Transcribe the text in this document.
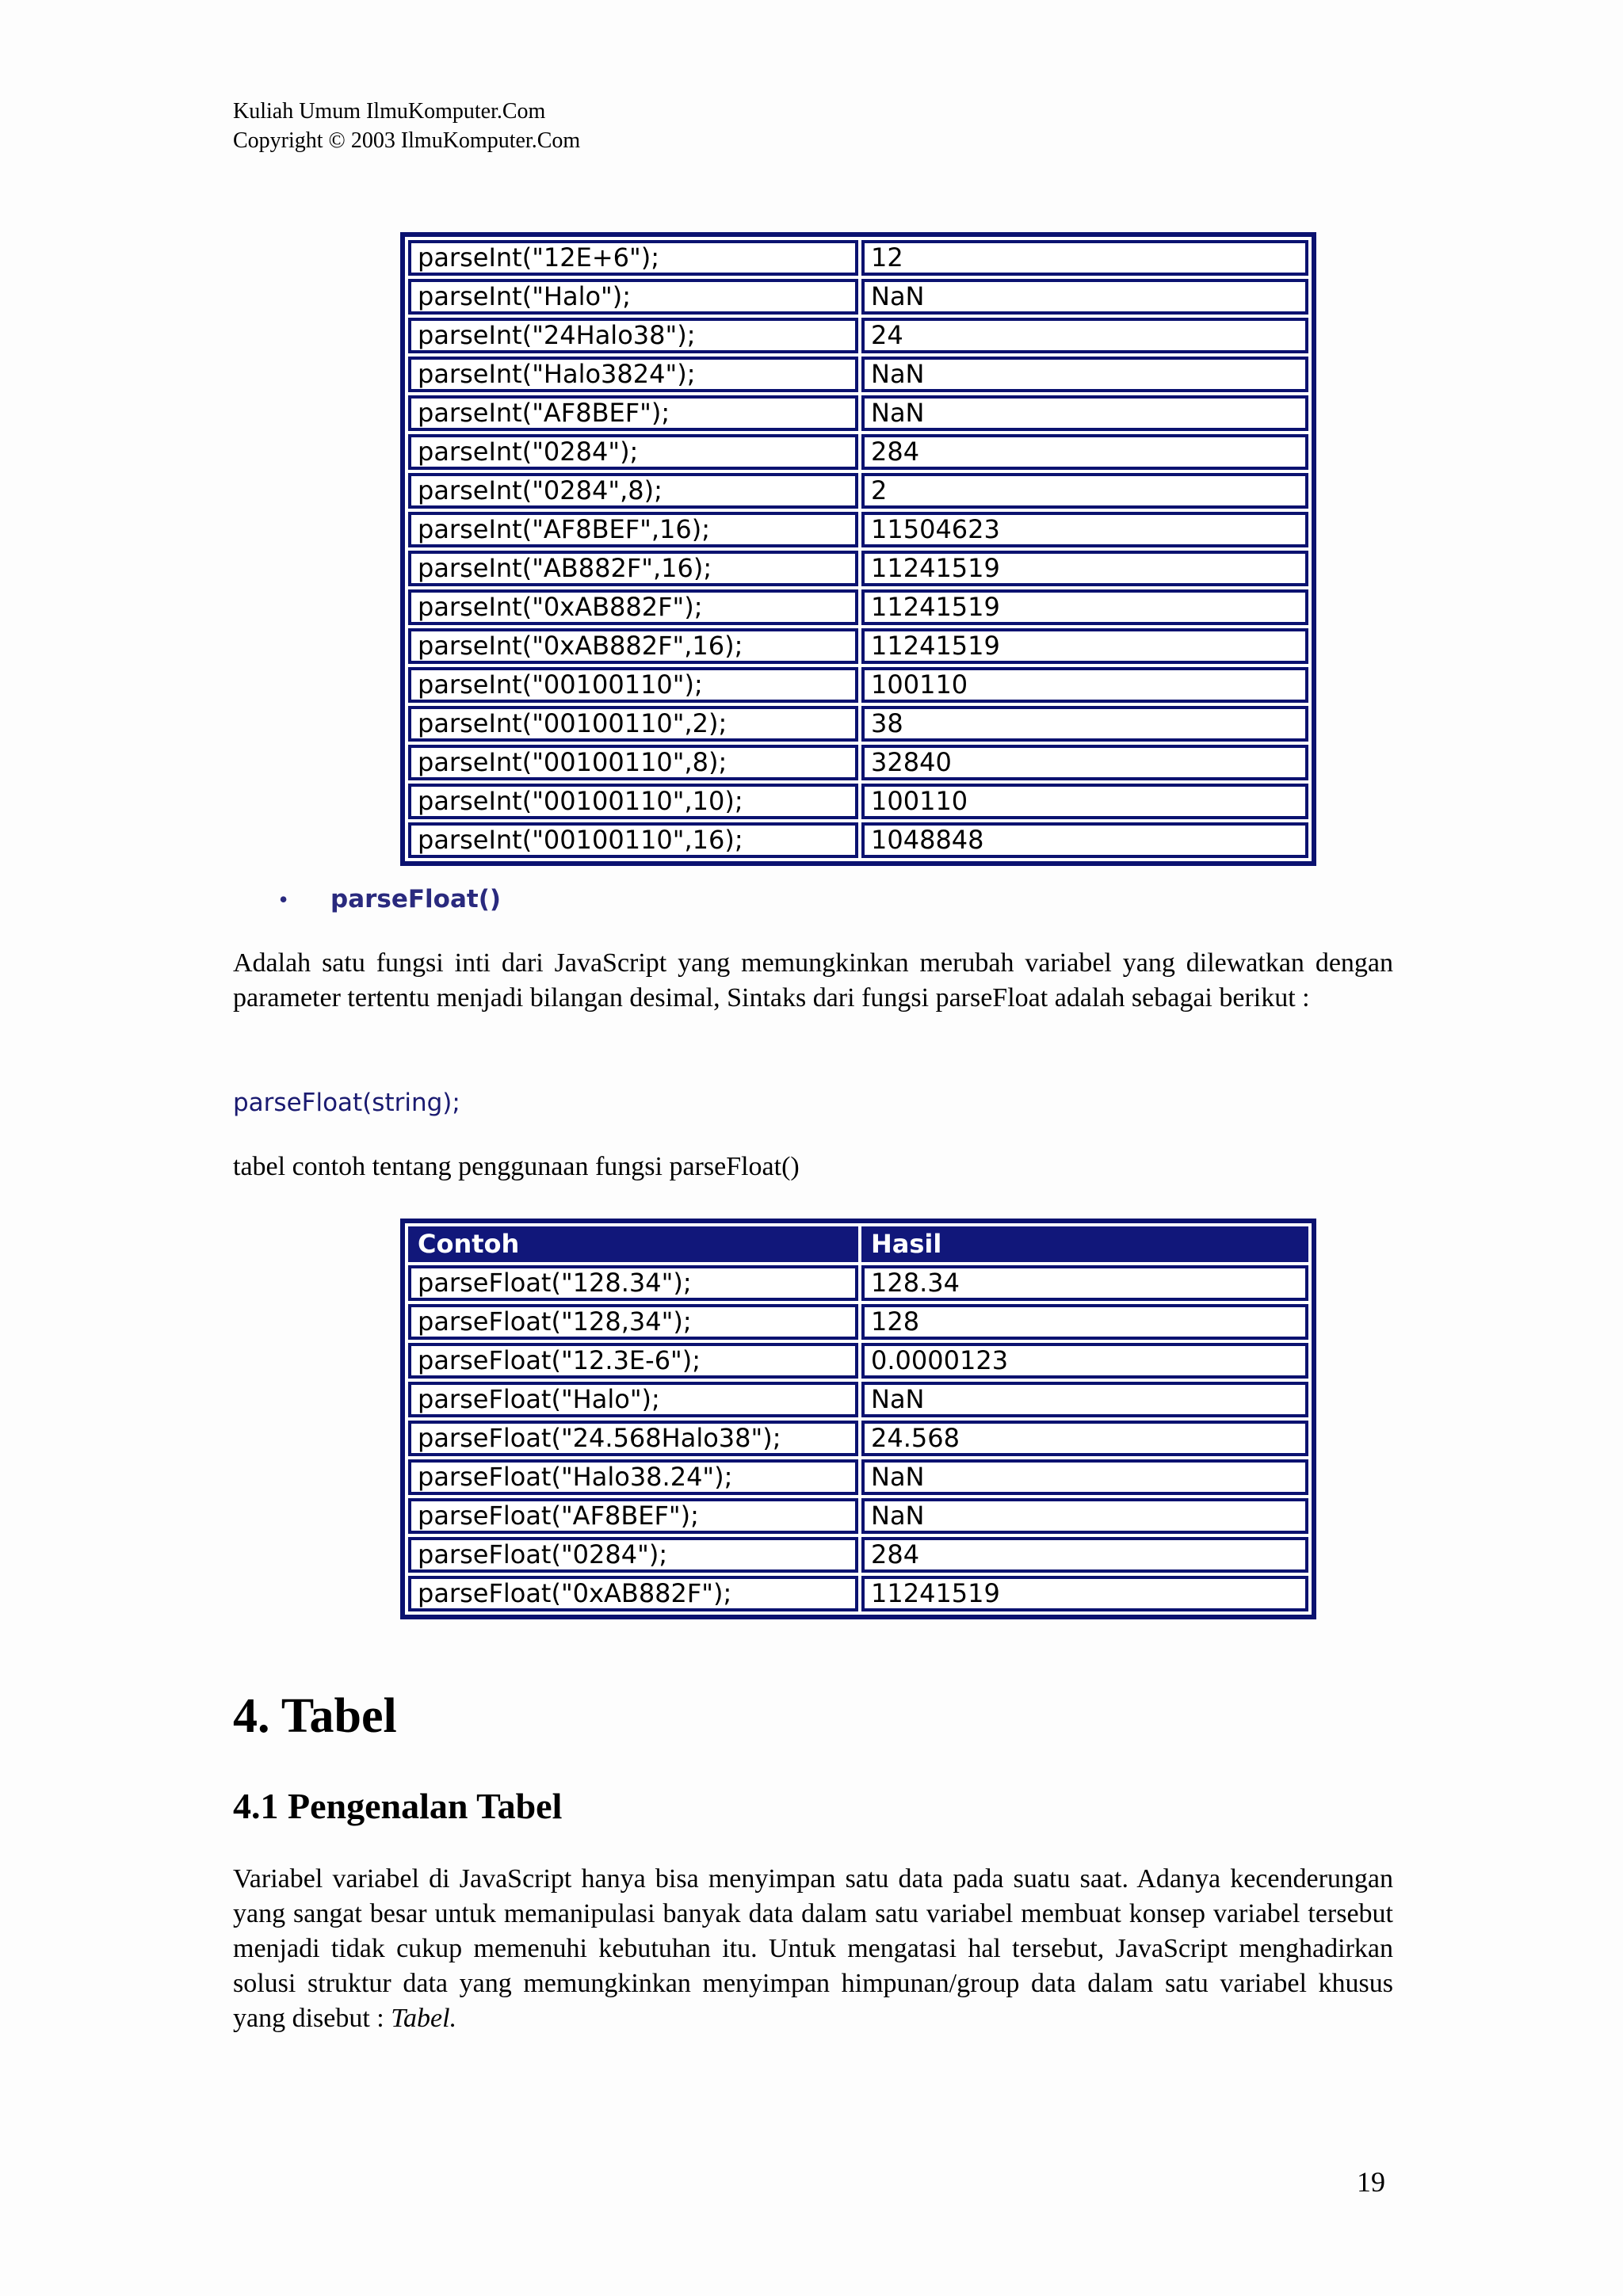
Kuliah Umum IlmuKomputer.Com
Copyright © 2003 IlmuKomputer.Com
parseInt("12E+6");	12
parseInt("Halo");	NaN
parseInt("24Halo38");	24
parseInt("Halo3824");	NaN
parseInt("AF8BEF");	NaN
parseInt("0284");	284
parseInt("0284",8);	2
parseInt("AF8BEF",16);	11504623
parseInt("AB882F",16);	11241519
parseInt("0xAB882F");	11241519
parseInt("0xAB882F",16);	11241519
parseInt("00100110");	100110
parseInt("00100110",2);	38
parseInt("00100110",8);	32840
parseInt("00100110",10);	100110
parseInt("00100110",16);	1048848
• parseFloat()
Adalah satu fungsi inti dari JavaScript yang memungkinkan merubah variabel yang dilewatkan dengan parameter tertentu menjadi bilangan desimal, Sintaks dari fungsi parseFloat adalah sebagai berikut :
parseFloat(string);
tabel contoh tentang penggunaan fungsi parseFloat()
Contoh	Hasil
parseFloat("128.34");	128.34
parseFloat("128,34");	128
parseFloat("12.3E-6");	0.0000123
parseFloat("Halo");	NaN
parseFloat("24.568Halo38");	24.568
parseFloat("Halo38.24");	NaN
parseFloat("AF8BEF");	NaN
parseFloat("0284");	284
parseFloat("0xAB882F");	11241519
4. Tabel
4.1 Pengenalan Tabel
Variabel variabel di JavaScript hanya bisa menyimpan satu data pada suatu saat. Adanya kecenderungan yang sangat besar untuk memanipulasi banyak data dalam satu variabel membuat konsep variabel tersebut menjadi tidak cukup memenuhi kebutuhan itu. Untuk mengatasi hal tersebut, JavaScript menghadirkan solusi struktur data yang memungkinkan menyimpan himpunan/group data dalam satu variabel khusus yang disebut : Tabel.
19
